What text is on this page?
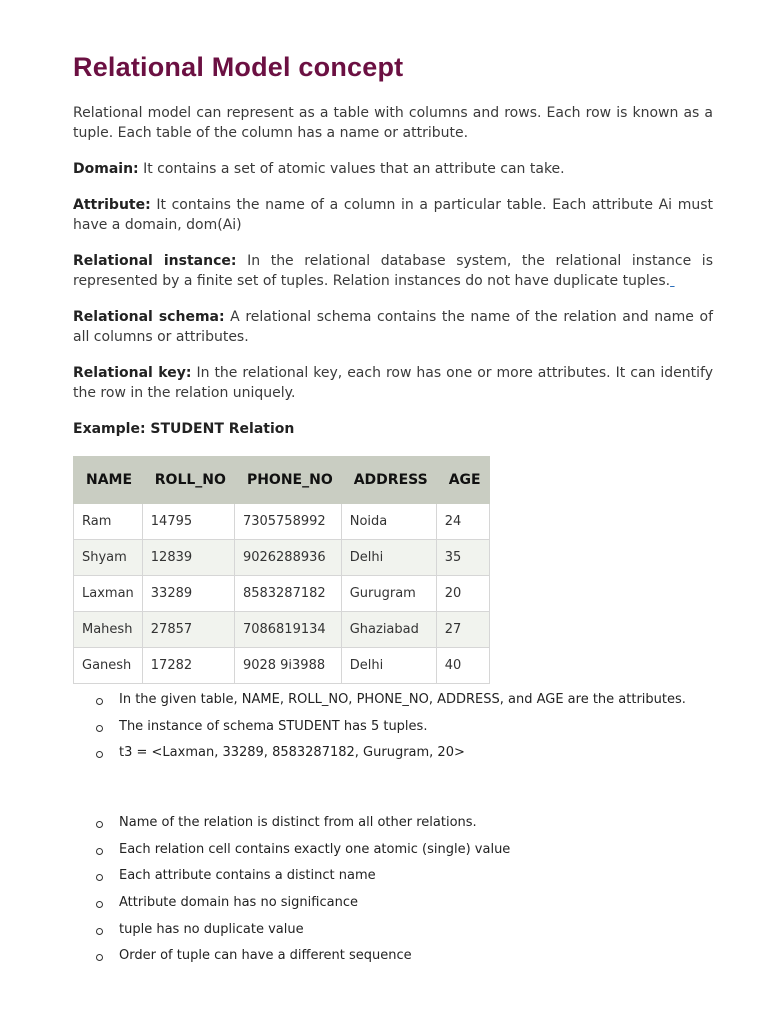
Relational Model concept

Relational model can represent as a table with columns and rows. Each row is known as a tuple. Each table of the column has a name or attribute.

Domain: It contains a set of atomic values that an attribute can take.

Attribute: It contains the name of a column in a particular table. Each attribute Ai must have a domain, dom(Ai)

Relational instance: In the relational database system, the relational instance is represented by a finite set of tuples. Relation instances do not have duplicate tuples.

Relational schema: A relational schema contains the name of the relation and name of all columns or attributes.

Relational key: In the relational key, each row has one or more attributes. It can identify the row in the relation uniquely.

Example: STUDENT Relation

NAME	ROLL_NO	PHONE_NO	ADDRESS	AGE
Ram	14795	7305758992	Noida	24
Shyam	12839	9026288936	Delhi	35
Laxman	33289	8583287182	Gurugram	20
Mahesh	27857	7086819134	Ghaziabad	27
Ganesh	17282	9028 9i3988	Delhi	40
In the given table, NAME, ROLL_NO, PHONE_NO, ADDRESS, and AGE are the attributes.
The instance of schema STUDENT has 5 tuples.
t3 = <Laxman, 33289, 8583287182, Gurugram, 20>
Name of the relation is distinct from all other relations.
Each relation cell contains exactly one atomic (single) value
Each attribute contains a distinct name
Attribute domain has no significance
tuple has no duplicate value
Order of tuple can have a different sequence
